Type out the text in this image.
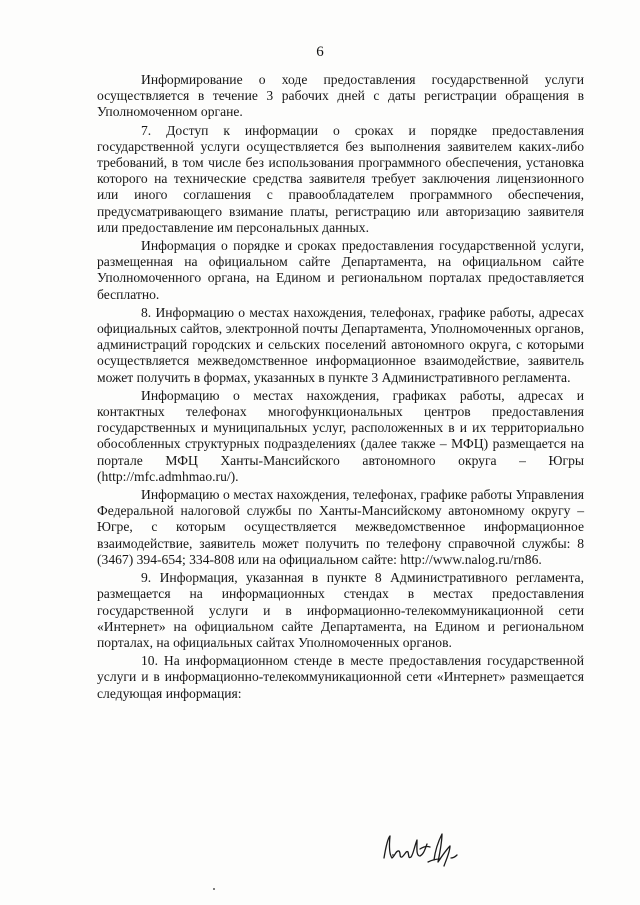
6

Информирование о ходе предоставления государственной услуги осуществляется в течение 3 рабочих дней с даты регистрации обращения в Уполномоченном органе.

7. Доступ к информации о сроках и порядке предоставления государственной услуги осуществляется без выполнения заявителем каких-либо требований, в том числе без использования программного обеспечения, установка которого на технические средства заявителя требует заключения лицензионного или иного соглашения с правообладателем программного обеспечения, предусматривающего взимание платы, регистрацию или авторизацию заявителя или предоставление им персональных данных.

Информация о порядке и сроках предоставления государственной услуги, размещенная на официальном сайте Департамента, на официальном сайте Уполномоченного органа, на Едином и региональном порталах предоставляется бесплатно.

8. Информацию о местах нахождения, телефонах, графике работы, адресах официальных сайтов, электронной почты Департамента, Уполномоченных органов, администраций городских и сельских поселений автономного округа, с которыми осуществляется межведомственное информационное взаимодействие, заявитель может получить в формах, указанных в пункте 3 Административного регламента.

Информацию о местах нахождения, графиках работы, адресах и контактных телефонах многофункциональных центров предоставления государственных и муниципальных услуг, расположенных в и их территориально обособленных структурных подразделениях (далее также – МФЦ) размещается на портале МФЦ Ханты-Мансийского автономного округа – Югры (http://mfc.admhmao.ru/).

Информацию о местах нахождения, телефонах, графике работы Управления Федеральной налоговой службы по Ханты-Мансийскому автономному округу – Югре, с которым осуществляется межведомственное информационное взаимодействие, заявитель может получить по телефону справочной службы: 8 (3467) 394-654; 334-808 или на официальном сайте: http://www.nalog.ru/rn86.

9. Информация, указанная в пункте 8 Административного регламента, размещается на информационных стендах в местах предоставления государственной услуги и в информационно-телекоммуникационной сети «Интернет» на официальном сайте Департамента, на Едином и региональном порталах, на официальных сайтах Уполномоченных органов.

10. На информационном стенде в месте предоставления государственной услуги и в информационно-телекоммуникационной сети «Интернет» размещается следующая информация:
